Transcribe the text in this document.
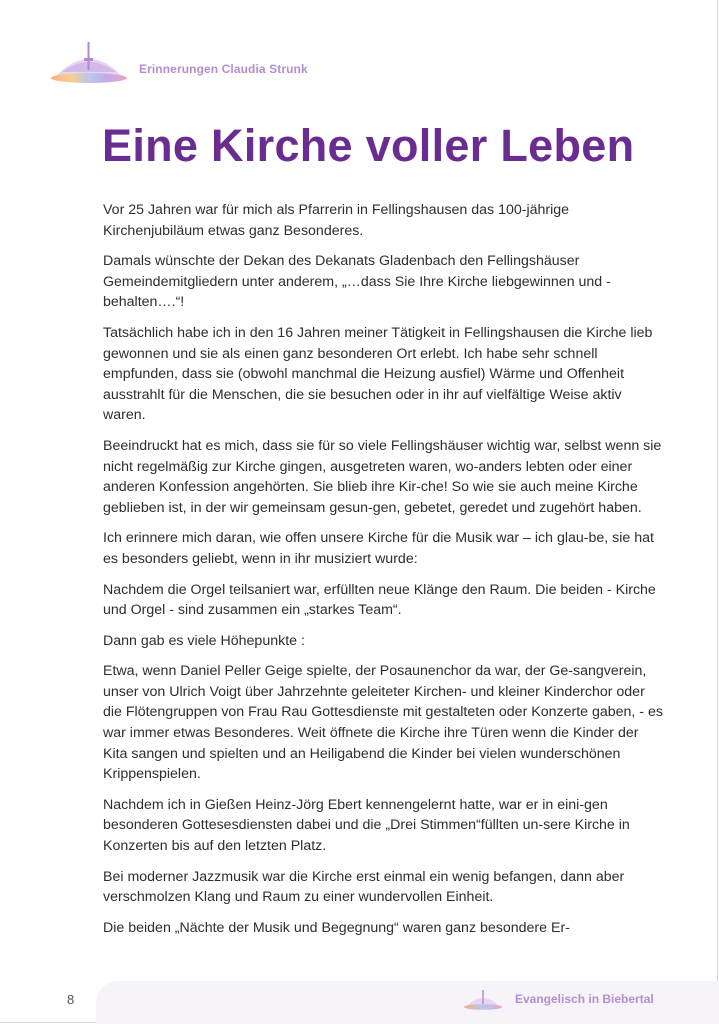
Erinnerungen Claudia Strunk
Eine Kirche voller Leben

Vor 25 Jahren war für mich als Pfarrerin in Fellingshausen das 100-jährige Kirchenjubiläum etwas ganz Besonderes.

Damals wünschte der Dekan des Dekanats Gladenbach den Fellingshäuser Gemeindemitgliedern unter anderem, „…dass Sie Ihre Kirche liebgewinnen und -behalten….“!

Tatsächlich habe ich in den 16 Jahren meiner Tätigkeit in Fellingshausen die Kirche lieb gewonnen und sie als einen ganz besonderen Ort erlebt. Ich habe sehr schnell empfunden, dass sie (obwohl manchmal die Heizung ausfiel) Wärme und Offenheit ausstrahlt für die Menschen, die sie besuchen oder in ihr auf vielfältige Weise aktiv waren.

Beeindruckt hat es mich, dass sie für so viele Fellingshäuser wichtig war, selbst wenn sie nicht regelmäßig zur Kirche gingen, ausgetreten waren, wo-anders lebten oder einer anderen Konfession angehörten. Sie blieb ihre Kir-che! So wie sie auch meine Kirche geblieben ist, in der wir gemeinsam gesun-gen, gebetet, geredet und zugehört haben.

Ich erinnere mich daran, wie offen unsere Kirche für die Musik war – ich glau-be, sie hat es besonders geliebt, wenn in ihr musiziert wurde:

Nachdem die Orgel teilsaniert war, erfüllten neue Klänge den Raum. Die beiden - Kirche und Orgel - sind zusammen ein „starkes Team“.

Dann gab es viele Höhepunkte :

Etwa, wenn Daniel Peller Geige spielte, der Posaunenchor da war, der Ge-sangverein, unser von Ulrich Voigt über Jahrzehnte geleiteter Kirchen- und kleiner Kinderchor oder die Flötengruppen von Frau Rau Gottesdienste mit gestalteten oder Konzerte gaben, - es war immer etwas Besonderes. Weit öffnete die Kirche ihre Türen wenn die Kinder der Kita sangen und spielten und an Heiligabend die Kinder bei vielen wunderschönen Krippenspielen.

Nachdem ich in Gießen Heinz-Jörg Ebert kennengelernt hatte, war er in eini-gen besonderen Gottesesdiensten dabei und die „Drei Stimmen“füllten un-sere Kirche in Konzerten bis auf den letzten Platz.

Bei moderner Jazzmusik war die Kirche erst einmal ein wenig befangen, dann aber verschmolzen Klang und Raum zu einer wundervollen Einheit.

Die beiden „Nächte der Musik und Begegnung“ waren ganz besondere Er-

8	Evangelisch in Biebertal
